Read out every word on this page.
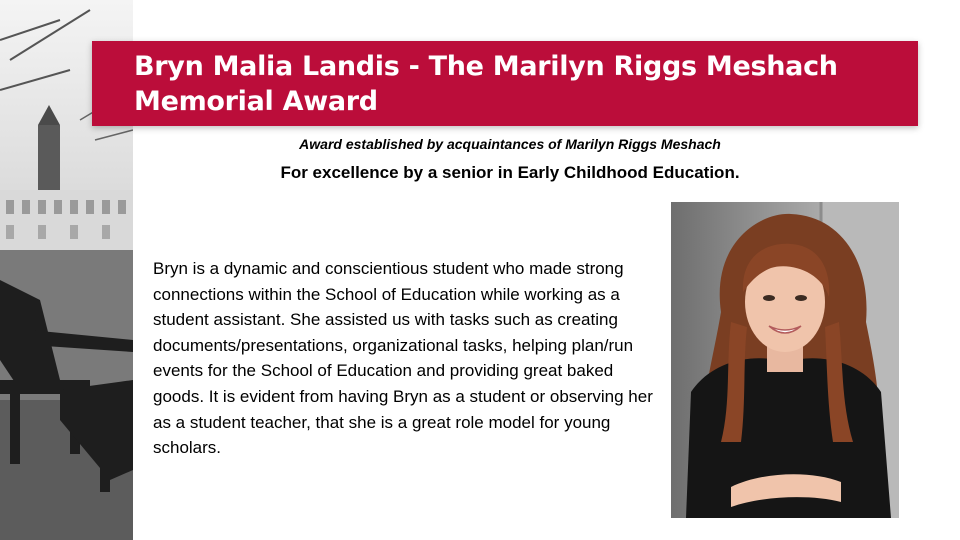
Bryn Malia Landis - The Marilyn Riggs Meshach Memorial Award
Award established by acquaintances of Marilyn Riggs Meshach
For excellence by a senior in Early Childhood Education.

Bryn is a dynamic and conscientious student who made strong connections within the School of Education while working as a student assistant. She assisted us with tasks such as creating documents/presentations, organizational tasks, helping plan/run events for the School of Education and providing great baked goods. It is evident from having Bryn as a student or observing her as a student teacher, that she is a great role model for young scholars.
